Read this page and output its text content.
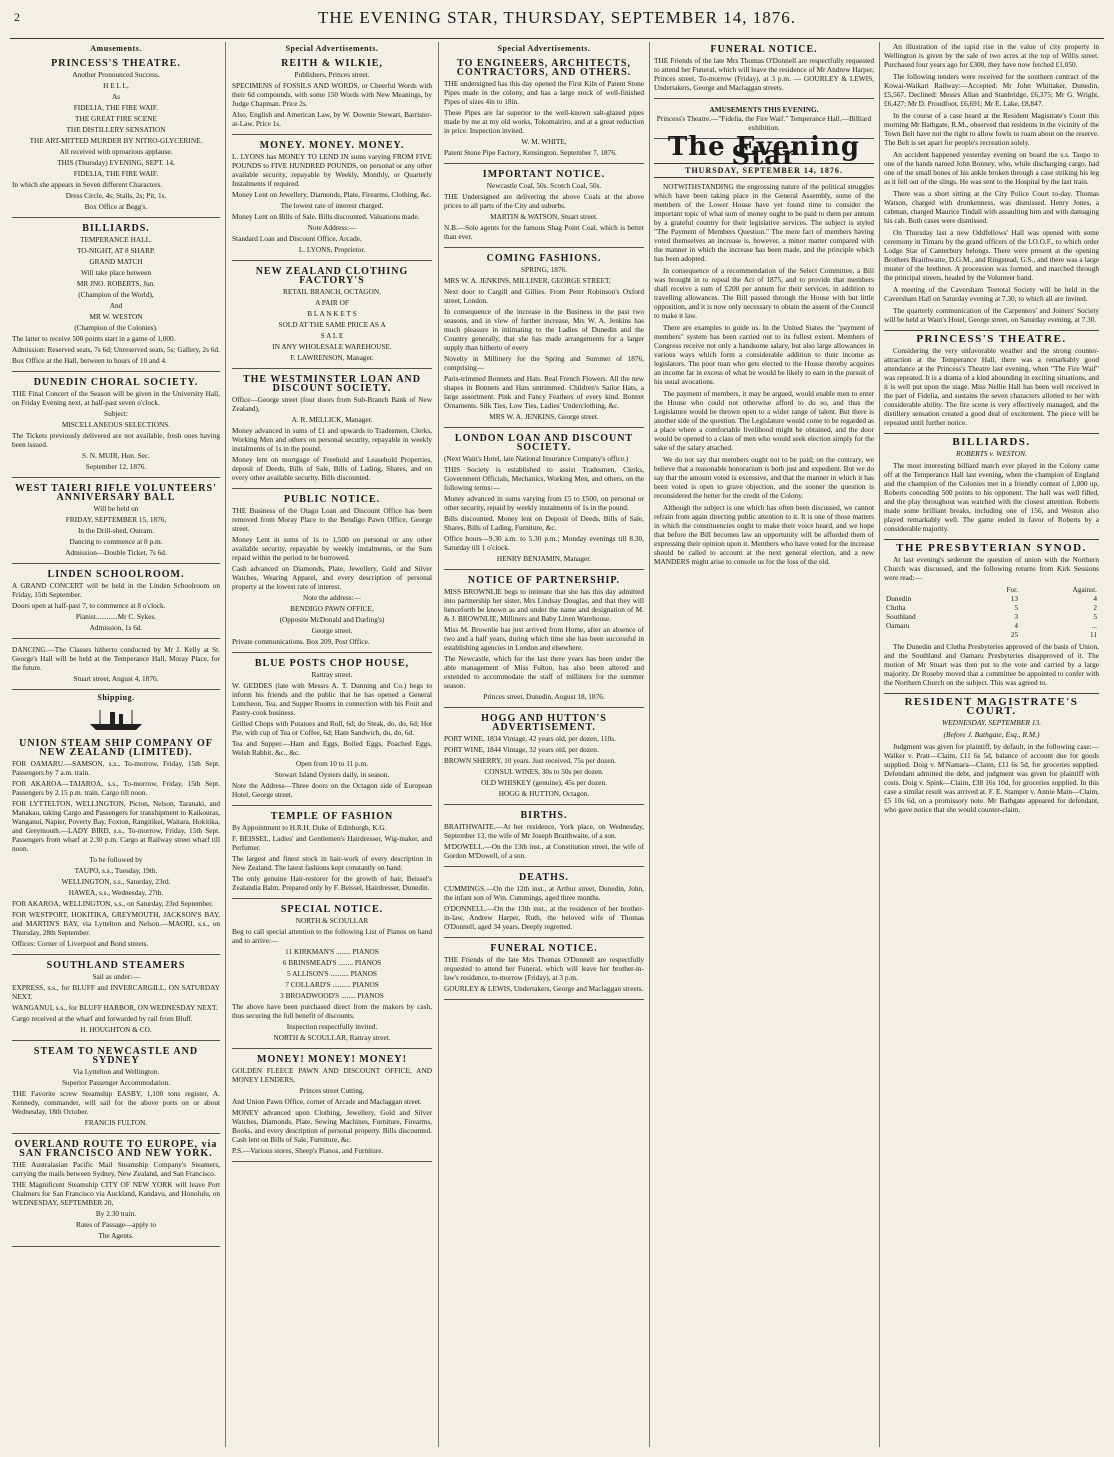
2	THE EVENING STAR, THURSDAY, SEPTEMBER 14, 1876.
Amusements.
PRINCESS'S THEATRE.

Another Pronounced Success.

H E L L,

As

FIDELIA, THE FIRE WAIF.

THE GREAT FIRE SCENE

THE DISTILLERY SENSATION

THE ART-MITTED MURDER BY NITRO-GLYCERINE.

All received with uproarious applause.

THIS (Thursday) EVENING, SEPT. 14,

FIDELIA, THE FIRE WAIF.

In which she appears in Seven different Characters.

Dress Circle, 4s; Stalls, 2s; Pit, 1s.

Box Office at Begg's.

BILLIARDS.

TEMPERANCE HALL.

TO-NIGHT, AT 8 SHARP.

GRAND MATCH

Will take place between

MR JNO. ROBERTS, Jun.

(Champion of the World),

And

MR W. WESTON

(Champion of the Colonies).

The latter to receive 500 points start in a game of 1,000.

Admission: Reserved seats, 7s 6d; Unreserved seats, 5s; Gallery, 2s 6d.

Box Office at the Hall, between to hours of 10 and 4.

DUNEDIN CHORAL SOCIETY.

THE Final Concert of the Season will be given in the University Hall, on Friday Evening next, at half-past seven o'clock.

Subject:

MISCELLANEOUS SELECTIONS.

The Tickets previously delivered are not available, fresh ones having been issued.

S. N. MUIR, Hon. Sec.

September 12, 1876.

WEST TAIERI RIFLE VOLUNTEERS' ANNIVERSARY BALL

Will be held on

FRIDAY, SEPTEMBER 15, 1876,

In the Drill-shed, Outram.

Dancing to commence at 8 p.m.

Admission—Double Ticket, 7s 6d.

LINDEN SCHOOLROOM.

A GRAND CONCERT will be held in the Linden Schoolroom on Friday, 15th September.

Doors open at half-past 7, to commence at 8 o'clock.

Pianist............Mr C. Sykes.

Admission, 1s 6d.

DANCING.—The Classes hitherto conducted by Mr J. Kelly at St. George's Hall will be held at the Temperance Hall, Moray Place, for the future.

Stuart street, August 4, 1876.

Shipping.
UNION STEAM SHIP COMPANY OF NEW ZEALAND (LIMITED).

FOR OAMARU.—SAMSON, s.s., To-morrow, Friday, 15th Sept. Passengers by 7 a.m. train.

FOR AKAROA—TAIAROA, s.s., To-morrow, Friday, 15th Sept. Passengers by 2.15 p.m. train. Cargo till noon.

FOR LYTTELTON, WELLINGTON, Picton, Nelson, Taranaki, and Manakau, taking Cargo and Passengers for transhipment to Kaikouras, Wanganui, Napier, Poverty Bay, Foxton, Rangitikei, Waitara, Hokitika, and Greymouth.—LADY BIRD, s.s., To-morrow, Friday, 15th Sept. Passengers from wharf at 2.30 p.m. Cargo at Railway street wharf till noon.

To be followed by

TAUPO, s.s., Tuesday, 19th.

WELLINGTON, s.s., Saturday, 23rd.

HAWEA, s.s., Wednesday, 27th.

FOR AKAROA, WELLINGTON, s.s., on Saturday, 23rd September.

FOR WESTPORT, HOKITIKA, GREYMOUTH, JACKSON'S BAY, and MARTIN'S BAY, via Lyttelton and Nelson.—MAORI, s.s., on Thursday, 28th September.

Offices: Corner of Liverpool and Bond streets.

SOUTHLAND STEAMERS

Sail as under:—

EXPRESS, s.s., for BLUFF and INVERCARGILL, ON SATURDAY NEXT.

WANGANUI, s.s., for BLUFF HARBOR, ON WEDNESDAY NEXT.

Cargo received at the wharf and forwarded by rail from Bluff.

H. HOUGHTON & CO.

STEAM TO NEWCASTLE AND SYDNEY

Via Lyttelton and Wellington.

Superior Passenger Accommodation.

THE Favorite screw Steamship EASBY, 1,100 tons register, A. Kennedy, commander, will sail for the above ports on or about Wednesday, 18th October.

FRANCIS FULTON.

OVERLAND ROUTE TO EUROPE, via SAN FRANCISCO AND NEW YORK.

THE Australasian Pacific Mail Steamship Company's Steamers, carrying the mails between Sydney, New Zealand, and San Francisco.

THE Magnificent Steamship CITY OF NEW YORK will leave Port Chalmers for San Francisco via Auckland, Kandavu, and Honolulu, on WEDNESDAY, SEPTEMBER 20,

By 2.30 train.

Rates of Passage—apply to

The Agents.

Special Advertisements.
REITH & WILKIE,

Publishers, Princes street.

SPECIMENS of FOSSILS AND WORDS, or Cheerful Words with their 6d compounds, with some 150 Words with New Meanings, by Judge Chapman. Price 2s.

Also, English and American Law, by W. Downie Stewart, Barrister-at-Law. Price 1s.

MONEY. MONEY. MONEY.

L. LYONS has MONEY TO LEND IN sums varying FROM FIVE POUNDS to FIVE HUNDRED POUNDS, on personal or any other available security, repayable by Weekly, Monthly, or Quarterly Instalments if required.

Money Lent on Jewellery, Diamonds, Plate, Firearms, Clothing, &c.

The lowest rate of interest charged.

Money Lent on Bills of Sale. Bills discounted. Valuations made.

Note Address:—

Standard Loan and Discount Office, Arcade.

L. LYONS, Proprietor.

NEW ZEALAND CLOTHING FACTORY'S

RETAIL BRANCH, OCTAGON.

A PAIR OF

B L A N K E T S

SOLD AT THE SAME PRICE AS A

S A L E

IN ANY WHOLESALE WAREHOUSE.

F. LAWRENSON, Manager.

THE WESTMINSTER LOAN AND DISCOUNT SOCIETY.

Office—George street (four doors from Sub-Branch Bank of New Zealand),

A. R. MELLICK, Manager.

Money advanced in sums of £1 and upwards to Tradesmen, Clerks, Working Men and others on personal security, repayable in weekly instalments of 1s in the pound.

Money lent on mortgage of Freehold and Leasehold Properties, deposit of Deeds, Bills of Sale, Bills of Lading, Shares, and on every other available security. Bills discounted.

PUBLIC NOTICE.

THE Business of the Otago Loan and Discount Office has been removed from Moray Place to the Bendigo Pawn Office, George street.

Money Lent in sums of 1s to 1,500 on personal or any other available security, repayable by weekly instalments, or the Sum repaid within the period to be borrowed.

Cash advanced on Diamonds, Plate, Jewellery, Gold and Silver Watches, Wearing Apparel, and every description of personal property at the lowest rate of interest.

Note the address:—

BENDIGO PAWN OFFICE,

(Opposite McDonald and Darling's)

George street.

Private communications. Box 209, Post Office.

BLUE POSTS CHOP HOUSE,

Rattray street.

W. GEDDES (late with Messrs A. T. Dunning and Co.) begs to inform his friends and the public that he has opened a General Luncheon, Tea, and Supper Rooms in connection with his Fruit and Pastry-cook business.

Grilled Chops with Potatoes and Roll, 6d; do Steak, do, do, 6d; Hot Pie, with cup of Tea or Coffee, 6d; Ham Sandwich, do, do, 6d.

Tea and Supper.—Ham and Eggs, Boiled Eggs, Poached Eggs, Welsh Rabbit, &c., &c.

Open from 10 to 11 p.m.

Stewart Island Oysters daily, in season.

Note the Address—Three doors on the Octagon side of European Hotel, George street.

TEMPLE OF FASHION

By Appointment to H.R.H. Duke of Edinburgh, K.G.

F. BEISSEL, Ladies' and Gentlemen's Hairdresser, Wig-maker, and Perfumer.

The largest and finest stock in hair-work of every description in New Zealand. The latest fashions kept constantly on hand.

The only genuine Hair-restorer for the growth of hair, Beissel's Zealandia Balm. Prepared only by F. Beissel, Hairdresser, Dunedin.

SPECIAL NOTICE.

NORTH & SCOULLAR

Beg to call special attention to the following List of Pianos on hand and to arrive:—

11 KIRKMAN'S ........ PIANOS

6 BRINSMEAD'S ........ PIANOS

5 ALLISON'S .......... PIANOS

7 COLLARD'S .......... PIANOS

3 BROADWOOD'S ........ PIANOS

The above have been purchased direct from the makers by cash, thus securing the full benefit of discounts.

Inspection respectfully invited.

NORTH & SCOULLAR, Rattray street.

MONEY! MONEY! MONEY!

GOLDEN FLEECE PAWN AND DISCOUNT OFFICE, AND MONEY LENDERS,

Princes street Cutting,

And Union Pawn Office, corner of Arcade and Maclaggan street.

MONEY advanced upon Clothing, Jewellery, Gold and Silver Watches, Diamonds, Plate, Sewing Machines, Furniture, Firearms, Books, and every description of personal property. Bills discounted. Cash lent on Bills of Sale, Furniture, &c.

P.S.—Various stores, Sheep's Pianos, and Furniture.

Special Advertisements.
TO ENGINEERS, ARCHITECTS, CONTRACTORS, AND OTHERS.

THE undersigned has this day opened the First Kiln of Patent Stone Pipes made in the colony, and has a large stock of well-finished Pipes of sizes 4in to 18in.

These Pipes are far superior to the well-known salt-glazed pipes made by me at my old works, Tokomairiro, and at a great reduction in price. Inspection invited.

W. M. WHITE,

Patent Stone Pipe Factory, Kensington. September 7, 1876.

IMPORTANT NOTICE.

Newcastle Coal, 50s. Scotch Coal, 50s.

THE Undersigned are delivering the above Coals at the above prices to all parts of the City and suburbs.

MARTIN & WATSON, Stuart street.

N.B.—Sole agents for the famous Shag Point Coal, which is better than ever.

COMING FASHIONS.

SPRING, 1876.

MRS W. A. JENKINS, MILLINER, GEORGE STREET,

Next door to Cargill and Gillies. From Peter Robinson's Oxford street, London.

In consequence of the increase in the Business in the past two seasons, and in view of further increase, Mrs W. A. Jenkins has much pleasure in intimating to the Ladies of Dunedin and the Country generally, that she has made arrangements for a larger supply than hitherto of every

Novelty in Millinery for the Spring and Summer of 1876, comprising—

Paris-trimmed Bonnets and Hats. Real French Flowers. All the new shapes in Bonnets and Hats untrimmed. Children's Sailor Hats, a large assortment. Pink and Fancy Feathers of every kind. Bonnet Ornaments. Silk Ties, Low Ties, Ladies' Underclothing, &c.

MRS W. A. JENKINS, George street.

LONDON LOAN AND DISCOUNT SOCIETY.

(Next Wain's Hotel, late National Insurance Company's office.)

THIS Society is established to assist Tradesmen, Clerks, Government Officials, Mechanics, Working Men, and others, on the following terms:—

Money advanced in sums varying from £5 to £500, on personal or other security, repaid by weekly instalments of 1s in the pound.

Bills discounted. Money lent on Deposit of Deeds, Bills of Sale, Shares, Bills of Lading, Furniture, &c.

Office hours—9.30 a.m. to 5.30 p.m.; Monday evenings till 8.30, Saturday till 1 o'clock.

HENRY BENJAMIN, Manager.

NOTICE OF PARTNERSHIP.

MISS BROWNLIE begs to intimate that she has this day admitted into partnership her sister, Mrs Lindsay Douglas, and that they will henceforth be known as and under the name and designation of M. & J. BROWNLIE, Milliners and Baby Linen Warehouse.

Miss M. Brownlie has just arrived from Home, after an absence of two and a half years, during which time she has been successful in establishing agencies in London and elsewhere.

The Newcastle, which for the last three years has been under the able management of Miss Fulton, has also been altered and extended to accommodate the staff of milliners for the summer season.

Princes street, Dunedin, August 18, 1876.

HOGG AND HUTTON'S ADVERTISEMENT.

PORT WINE, 1834 Vintage, 42 years old, per dozen, 110s.

PORT WINE, 1844 Vintage, 32 years old, per dozen.

BROWN SHERRY, 10 years. Just received, 75s per dozen.

CONSUL WINES, 30s to 50s per dozen.

OLD WHISKEY (genuine), 45s per dozen.

HOGG & HUTTON, Octagon.

BIRTHS.

BRAITHWAITE.—At her residence, York place, on Wednesday, September 13, the wife of Mr Joseph Braithwaite, of a son.

M'DOWELL.—On the 13th inst., at Constitution street, the wife of Gordon M'Dowell, of a son.

DEATHS.

CUMMINGS.—On the 12th inst., at Arthur street, Dunedin, John, the infant son of Wm. Cummings, aged three months.

O'DONNELL.—On the 13th inst., at the residence of her brother-in-law, Andrew Harper, Ruth, the beloved wife of Thomas O'Donnell, aged 34 years. Deeply regretted.

FUNERAL NOTICE.

THE Friends of the late Mrs Thomas O'Donnell are respectfully requested to attend her Funeral, which will leave her brother-in-law's residence, to-morrow (Friday), at 3 p.m.

GOURLEY & LEWIS, Undertakers, George and Maclaggan streets.

FUNERAL NOTICE.

THE Friends of the late Mrs Thomas O'Donnell are respectfully requested to attend her Funeral, which will leave the residence of Mr Andrew Harper, Princes street, To-morrow (Friday), at 3 p.m. — GOURLEY & LEWIS, Undertakers, George and Maclaggan streets.

AMUSEMENTS THIS EVENING.

Princess's Theatre.—"Fidelia, the Fire Waif." Temperance Hall.—Billiard exhibition.

The Evening Star
THURSDAY, SEPTEMBER 14, 1876.

NOTWITHSTANDING the engrossing nature of the political struggles which have been taking place in the General Assembly, some of the members of the Lower House have yet found time to consider the important topic of what sum of money ought to be paid to them per annum by a grateful country for their legislative services. The subject is styled "The Payment of Members Question." The mere fact of members having voted themselves an increase is, however, a minor matter compared with the manner in which the increase has been made, and the principle which has been adopted.

In consequence of a recommendation of the Select Committee, a Bill was brought in to repeal the Act of 1875, and to provide that members shall receive a sum of £200 per annum for their services, in addition to travelling allowances. The Bill passed through the House with but little opposition, and it is now only necessary to obtain the assent of the Council to make it law.

There are examples to guide us. In the United States the "payment of members" system has been carried out to its fullest extent. Members of Congress receive not only a handsome salary, but also large allowances in various ways which form a considerable addition to their income as legislators. The poor man who gets elected to the House thereby acquires an income far in excess of what he would be likely to earn in the pursuit of his usual avocations.

The payment of members, it may be argued, would enable men to enter the House who could not otherwise afford to do so, and thus the Legislature would be thrown open to a wider range of talent. But there is another side of the question. The Legislature would come to be regarded as a place where a comfortable livelihood might be obtained, and the door would be opened to a class of men who would seek election simply for the sake of the salary attached.

We do not say that members ought not to be paid; on the contrary, we believe that a reasonable honorarium is both just and expedient. But we do say that the amount voted is excessive, and that the manner in which it has been voted is open to grave objection, and the sooner the question is reconsidered the better for the credit of the Colony.

Although the subject is one which has often been discussed, we cannot refrain from again directing public attention to it. It is one of those matters in which the constituencies ought to make their voice heard, and we hope that before the Bill becomes law an opportunity will be afforded them of expressing their opinion upon it. Members who have voted for the increase should be called to account at the next general election, and a new MANDERS might arise to console us for the loss of the old.

An illustration of the rapid rise in the value of city property in Wellington is given by the sale of two acres at the top of Willis street. Purchased four years ago for £300, they have now fetched £1,050.

The following tenders were received for the southern contract of the Kowai-Waikari Railway:—Accepted: Mr John Whittaker, Dunedin, £5,567. Declined: Messrs Allan and Stanbridge, £6,375; Mr G. Wright, £6,427; Mr D. Proudfoot, £6,691; Mr E. Lake, £8,847.

In the course of a case heard at the Resident Magistrate's Court this morning Mr Bathgate, R.M., observed that residents in the vicinity of the Town Belt have not the right to allow fowls to roam about on the reserve. The Belt is set apart for people's recreation solely.

An accident happened yesterday evening on board the s.s. Taupo to one of the hands named John Bonney, who, while discharging cargo, had one of the small bones of his ankle broken through a case striking his leg as it fell out of the slings. He was sent to the Hospital by the last train.

There was a short sitting at the City Police Court to-day. Thomas Watson, charged with drunkenness, was dismissed. Henry Jones, a cabman, charged Maurice Tindall with assaulting him and with damaging his cab. Both cases were dismissed.

On Thursday last a new Oddfellows' Hall was opened with some ceremony in Timaru by the grand officers of the I.O.O.F., to which order Lodge Star of Canterbury belongs. There were present at the opening Brothers Braithwaite, D.G.M., and Ringstead, G.S., and there was a large muster of the brethren. A procession was formed, and marched through the principal streets, headed by the Volunteer band.

A meeting of the Caversham Teetotal Society will be held in the Caversham Hall on Saturday evening at 7.30, to which all are invited.

The quarterly communication of the Carpenters' and Joiners' Society will be held at Wain's Hotel, George street, on Saturday evening, at 7.30.

PRINCESS'S THEATRE.

Considering the very unfavorable weather and the strong counter-attraction at the Temperance Hall, there was a remarkably good attendance at the Princess's Theatre last evening, when "The Fire Waif" was repeated. It is a drama of a kind abounding in exciting situations, and it is well put upon the stage. Miss Nellie Hall has been well received in the part of Fidelia, and sustains the seven characters allotted to her with considerable ability. The fire scene is very effectively managed, and the distillery sensation created a good deal of excitement. The piece will be repeated until further notice.

BILLIARDS.
ROBERTS v. WESTON.

The most interesting billiard match ever played in the Colony came off at the Temperance Hall last evening, when the champion of England and the champion of the Colonies met in a friendly contest of 1,000 up, Roberts conceding 500 points to his opponent. The hall was well filled, and the play throughout was watched with the closest attention. Roberts made some brilliant breaks, including one of 156, and Weston also played remarkably well. The game ended in favor of Roberts by a considerable majority.

THE PRESBYTERIAN SYNOD.

At last evening's sederunt the question of union with the Northern Church was discussed, and the following returns from Kirk Sessions were read:—

	For.	Against.
Dunedin	13	4
Clutha	5	2
Southland	3	5
Oamaru	4	...
	25	11

The Dunedin and Clutha Presbyteries approved of the basis of Union, and the Southland and Oamaru Presbyteries disapproved of it. The motion of Mr Stuart was then put to the vote and carried by a large majority. Dr Roseby moved that a committee be appointed to confer with the Northern Church on the subject. This was agreed to.

RESIDENT MAGISTRATE'S COURT.
WEDNESDAY, SEPTEMBER 13.
(Before J. Bathgate, Esq., R.M.)

Judgment was given for plaintiff, by default, in the following case:—Walker v. Pratt—Claim, £11 6s 5d, balance of account due for goods supplied. Doig v. M'Namara—Claim, £11 6s 5d, for groceries supplied. Defendant admitted the debt, and judgment was given for plaintiff with costs. Doig v. Spink—Claim, £38 16s 10d, for groceries supplied. In this case a similar result was arrived at. F. E. Stamper v. Annie Main—Claim, £5 10s 6d, on a promissory note. Mr Bathgate appeared for defendant, who gave notice that she would counter-claim.
